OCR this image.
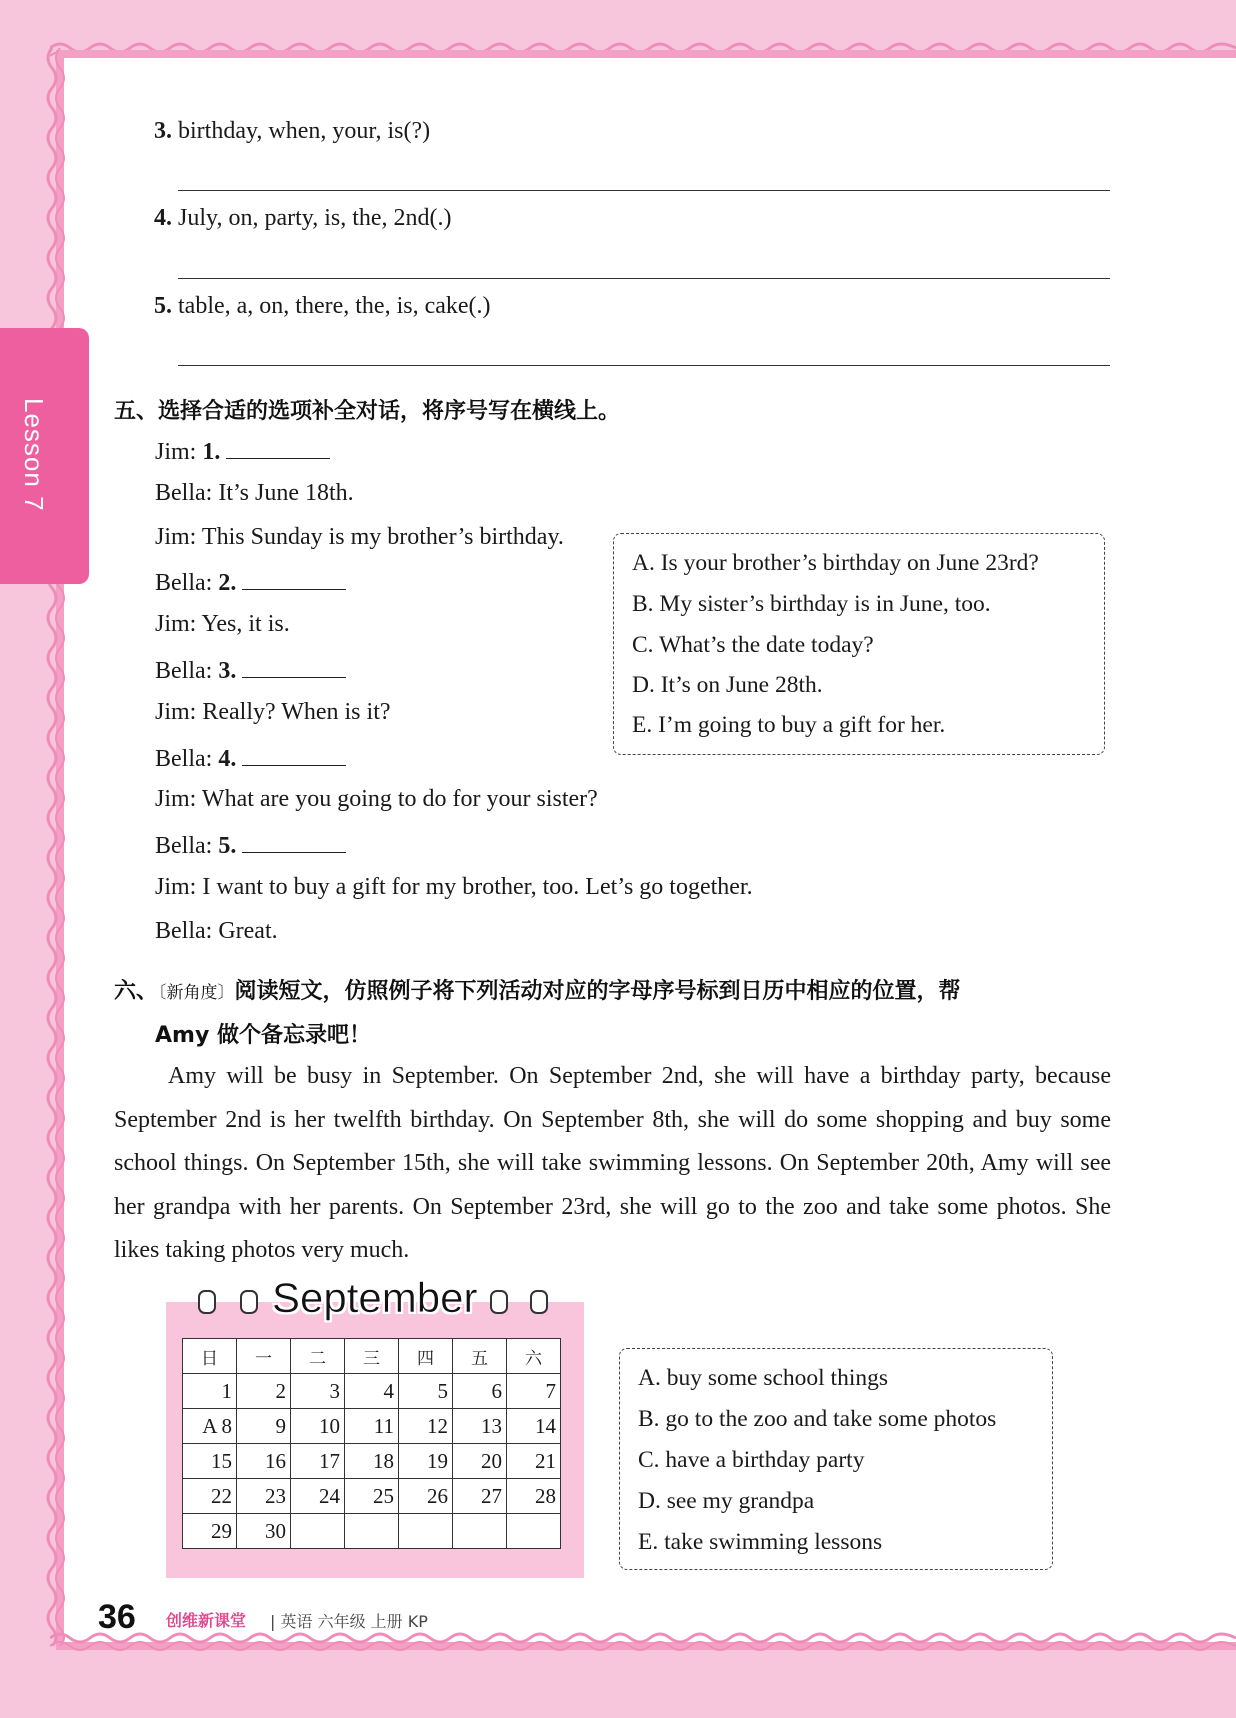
Lesson 7
3. birthday, when, your, is(?)
4. July, on, party, is, the, 2nd(.)
5. table, a, on, there, the, is, cake(.)
五、选择合适的选项补全对话，将序号写在横线上。
Jim: 1.
Bella: It’s June 18th.
Jim: This Sunday is my brother’s birthday.
Bella: 2.
Jim: Yes, it is.
Bella: 3.
Jim: Really? When is it?
Bella: 4.
Jim: What are you going to do for your sister?
Bella: 5.
Jim: I want to buy a gift for my brother, too. Let’s go together.
Bella: Great.
A. Is your brother’s birthday on June 23rd?
B. My sister’s birthday is in June, too.
C. What’s the date today?
D. It’s on June 28th.
E. I’m going to buy a gift for her.
六、〔新角度〕阅读短文，仿照例子将下列活动对应的字母序号标到日历中相应的位置，帮
Amy 做个备忘录吧！
Amy will be busy in September. On September 2nd, she will have a birthday party, because September 2nd is her twelfth birthday. On September 8th, she will do some shopping and buy some school things. On September 15th, she will take swimming lessons. On September 20th, Amy will see her grandpa with her parents. On September 23rd, she will go to the zoo and take some photos. She likes taking photos very much.
September
日	一	二	三	四	五	六
1	2	3	4	5	6	7
A 8	9	10	11	12	13	14
15	16	17	18	19	20	21
22	23	24	25	26	27	28
29	30					
A. buy some school things
B. go to the zoo and take some photos
C. have a birthday party
D. see my grandpa
E. take swimming lessons
36 创维新课堂 | 英语 六年级 上册 KP
